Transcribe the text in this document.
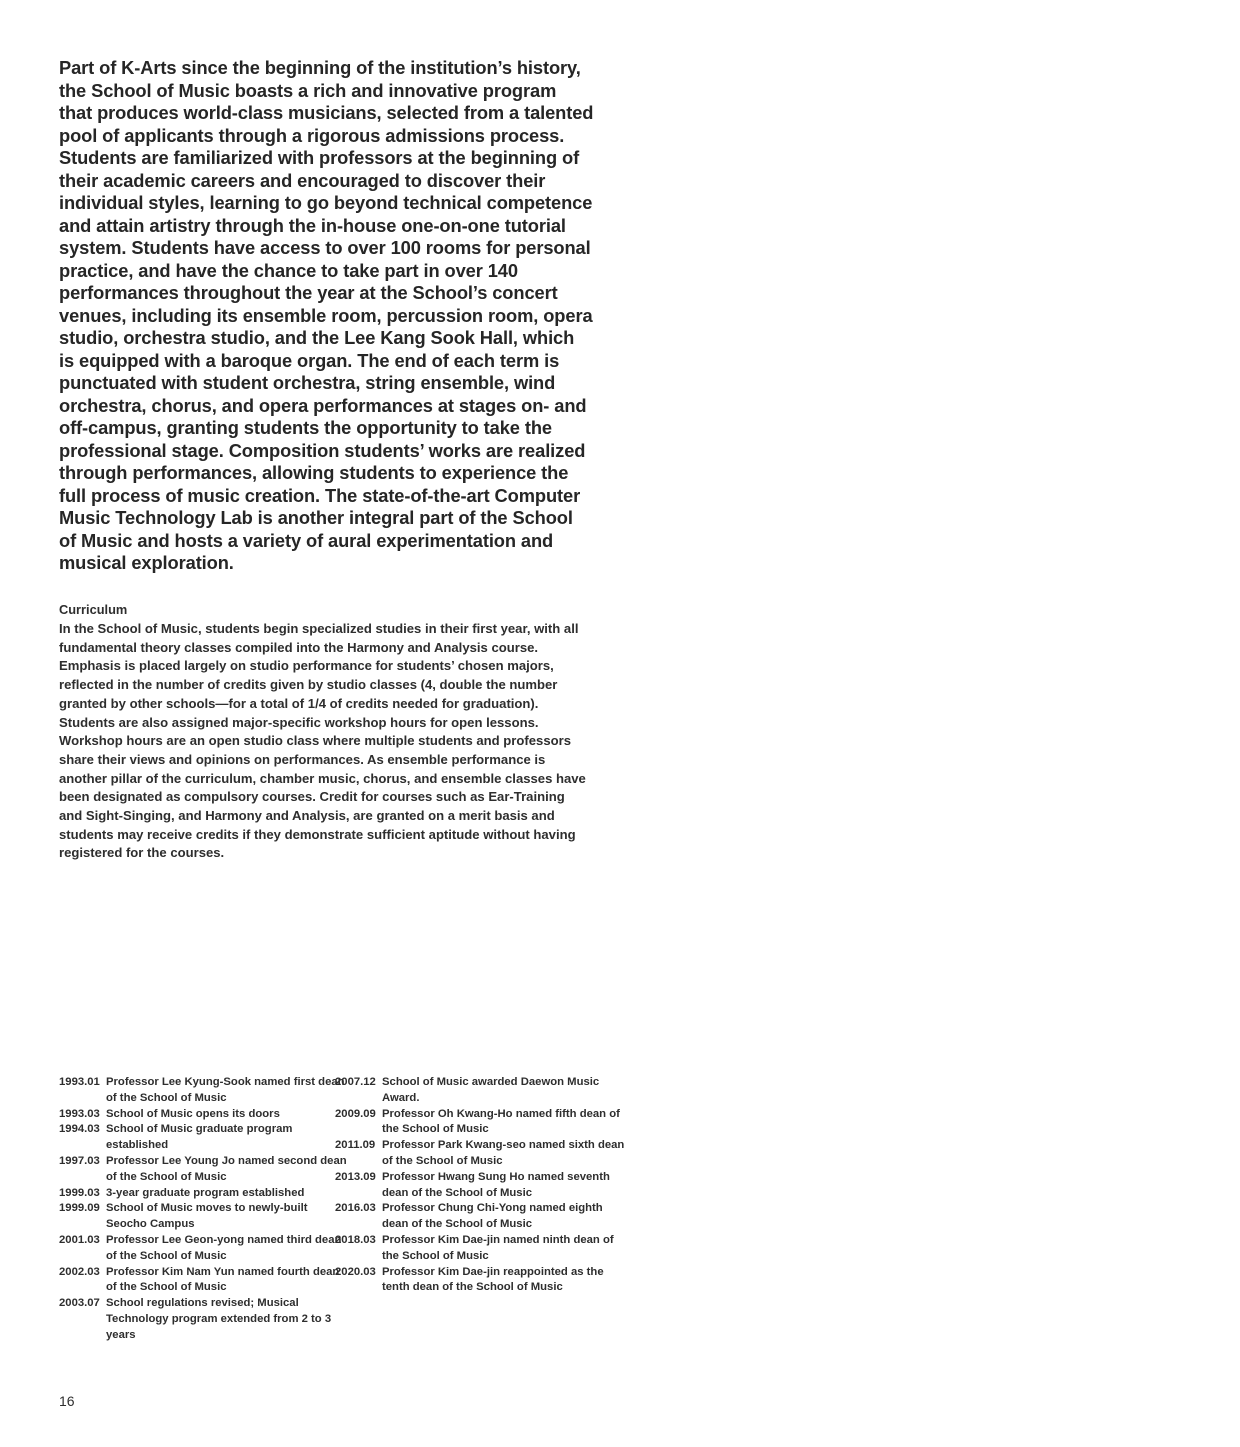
Part of K-Arts since the beginning of the institution’s history, the School of Music boasts a rich and innovative program that produces world-class musicians, selected from a talented pool of applicants through a rigorous admissions process. Students are familiarized with professors at the beginning of their academic careers and encouraged to discover their individual styles, learning to go beyond technical competence and attain artistry through the in-house one-on-one tutorial system. Students have access to over 100 rooms for personal practice, and have the chance to take part in over 140 performances throughout the year at the School’s concert venues, including its ensemble room, percussion room, opera studio, orchestra studio, and the Lee Kang Sook Hall, which is equipped with a baroque organ. The end of each term is punctuated with student orchestra, string ensemble, wind orchestra, chorus, and opera performances at stages on- and off-campus, granting students the opportunity to take the professional stage. Composition students’ works are realized through performances, allowing students to experience the full process of music creation. The state-of-the-art Computer Music Technology Lab is another integral part of the School of Music and hosts a variety of aural experimentation and musical exploration.

Curriculum

In the School of Music, students begin specialized studies in their first year, with all fundamental theory classes compiled into the Harmony and Analysis course. Emphasis is placed largely on studio performance for students’ chosen majors, reflected in the number of credits given by studio classes (4, double the number granted by other schools—for a total of 1/4 of credits needed for graduation). Students are also assigned major-specific workshop hours for open lessons. Workshop hours are an open studio class where multiple students and professors share their views and opinions on performances. As ensemble performance is another pillar of the curriculum, chamber music, chorus, and ensemble classes have been designated as compulsory courses. Credit for courses such as Ear-Training and Sight-Singing, and Harmony and Analysis, are granted on a merit basis and students may receive credits if they demonstrate sufficient aptitude without having registered for the courses.

1993.01 Professor Lee Kyung-Sook named first dean of the School of Music
1993.03 School of Music opens its doors
1994.03 School of Music graduate program established
1997.03 Professor Lee Young Jo named second dean of the School of Music
1999.03 3-year graduate program established
1999.09 School of Music moves to newly-built Seocho Campus
2001.03 Professor Lee Geon-yong named third dean of the School of Music
2002.03 Professor Kim Nam Yun named fourth dean of the School of Music
2003.07 School regulations revised; Musical Technology program extended from 2 to 3 years
2007.12 School of Music awarded Daewon Music Award.
2009.09 Professor Oh Kwang-Ho named fifth dean of the School of Music
2011.09 Professor Park Kwang-seo named sixth dean of the School of Music
2013.09 Professor Hwang Sung Ho named seventh dean of the School of Music
2016.03 Professor Chung Chi-Yong named eighth dean of the School of Music
2018.03 Professor Kim Dae-jin named ninth dean of the School of Music
2020.03 Professor Kim Dae-jin reappointed as the tenth dean of the School of Music
16
